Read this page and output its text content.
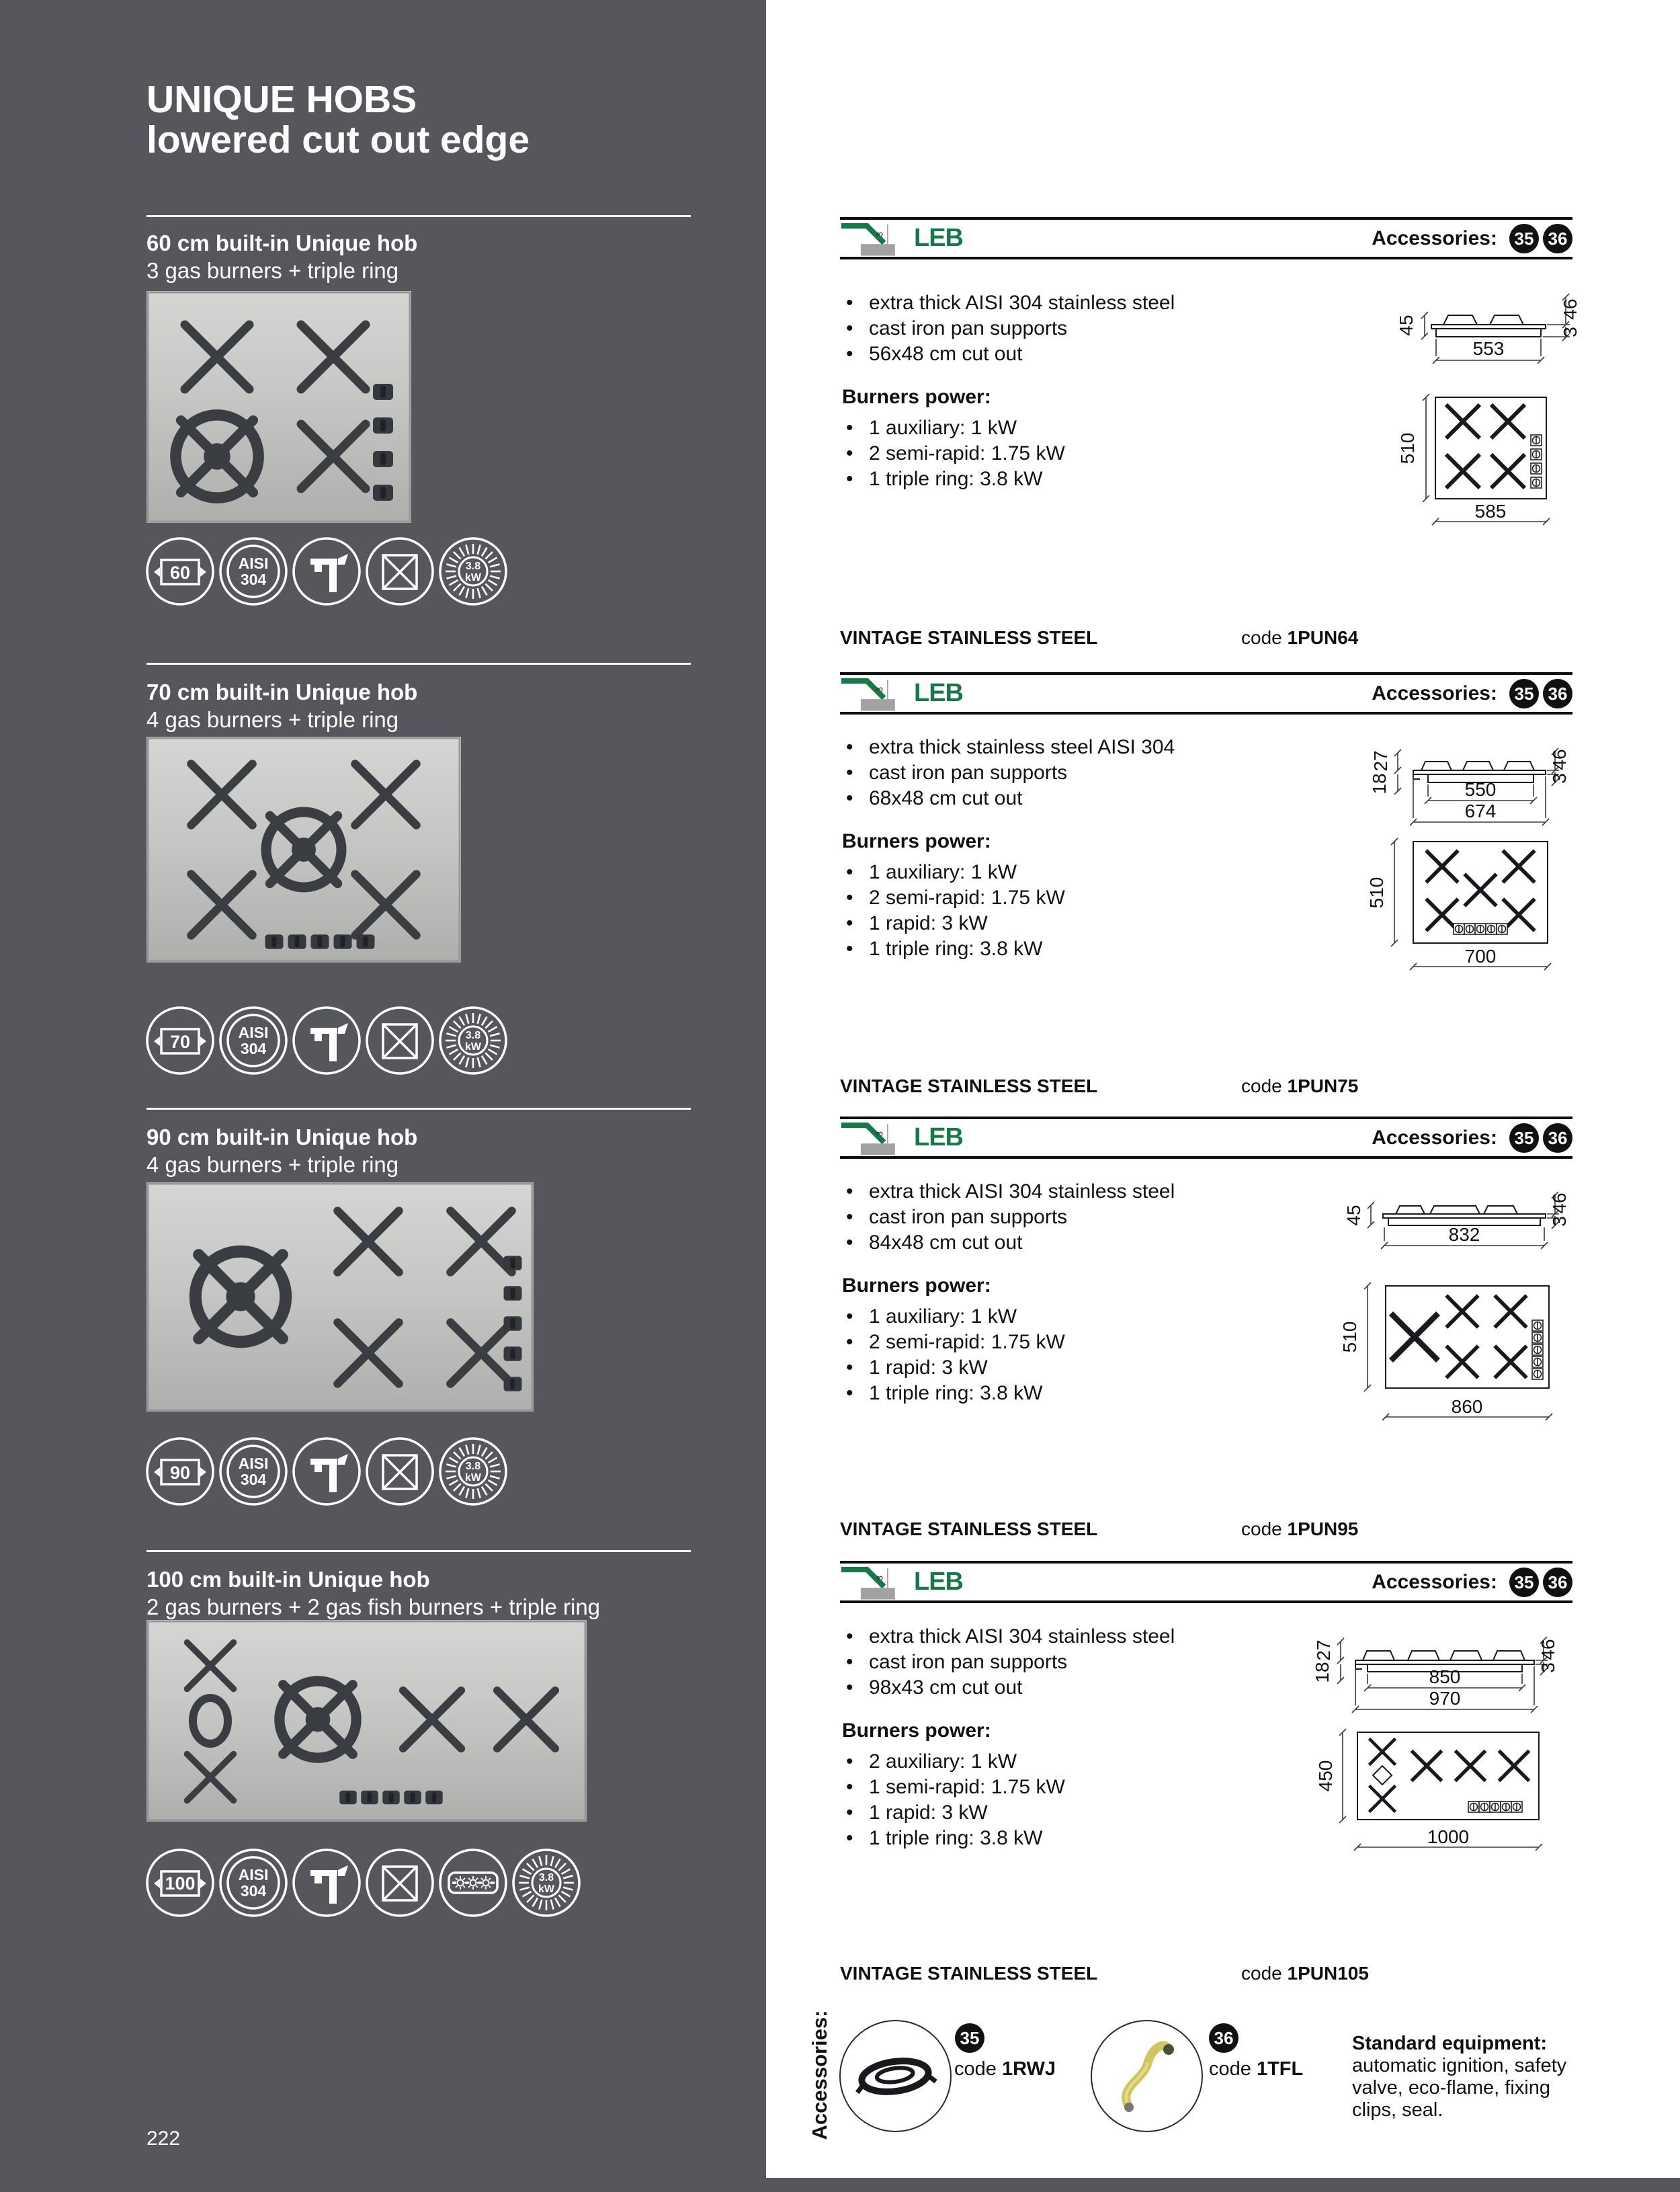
UNIQUE HOBS
lowered cut out edge
60 cm built-in Unique hob
3 gas burners + triple ring
60	AISI
304
3.8
kW
70 cm built-in Unique hob
4 gas burners + triple ring
70	AISI
304
3.8
kW
90 cm built-in Unique hob
4 gas burners + triple ring
90	AISI
304
3.8
kW
100 cm built-in Unique hob
2 gas burners + 2 gas fish burners + triple ring
100	AISI
304
3.8
kW
222
3 LEB	Accessories: 35 36
• extra thick AISI 304 stainless steel
• cast iron pan supports
• 56x48 cm cut out
Burners power:
• 1 auxiliary: 1 kW
• 2 semi-rapid: 1.75 kW
• 1 triple ring: 3.8 kW
45
46
3
553
510
585
VINTAGE STAINLESS STEEL	code 1PUN64
3 LEB	Accessories: 35 36
• extra thick stainless steel AISI 304
• cast iron pan supports
• 68x48 cm cut out
Burners power:
• 1 auxiliary: 1 kW
• 2 semi-rapid: 1.75 kW
• 1 rapid: 3 kW
• 1 triple ring: 3.8 kW
27
18
46
3
550
674
510
700
VINTAGE STAINLESS STEEL	code 1PUN75
3 LEB	Accessories: 35 36
• extra thick AISI 304 stainless steel
• cast iron pan supports
• 84x48 cm cut out
Burners power:
• 1 auxiliary: 1 kW
• 2 semi-rapid: 1.75 kW
• 1 rapid: 3 kW
• 1 triple ring: 3.8 kW
45
46
3
832
510
860
VINTAGE STAINLESS STEEL	code 1PUN95
3 LEB	Accessories: 35 36
• extra thick AISI 304 stainless steel
• cast iron pan supports
• 98x43 cm cut out
Burners power:
• 2 auxiliary: 1 kW
• 1 semi-rapid: 1.75 kW
• 1 rapid: 3 kW
• 1 triple ring: 3.8 kW
27
18
46
3
850
970
450
1000
VINTAGE STAINLESS STEEL	code 1PUN105
Accessories:	35
code 1RWJ
36
code 1TFL
Standard equipment:
automatic ignition, safety
valve, eco-flame, fixing
clips, seal.
